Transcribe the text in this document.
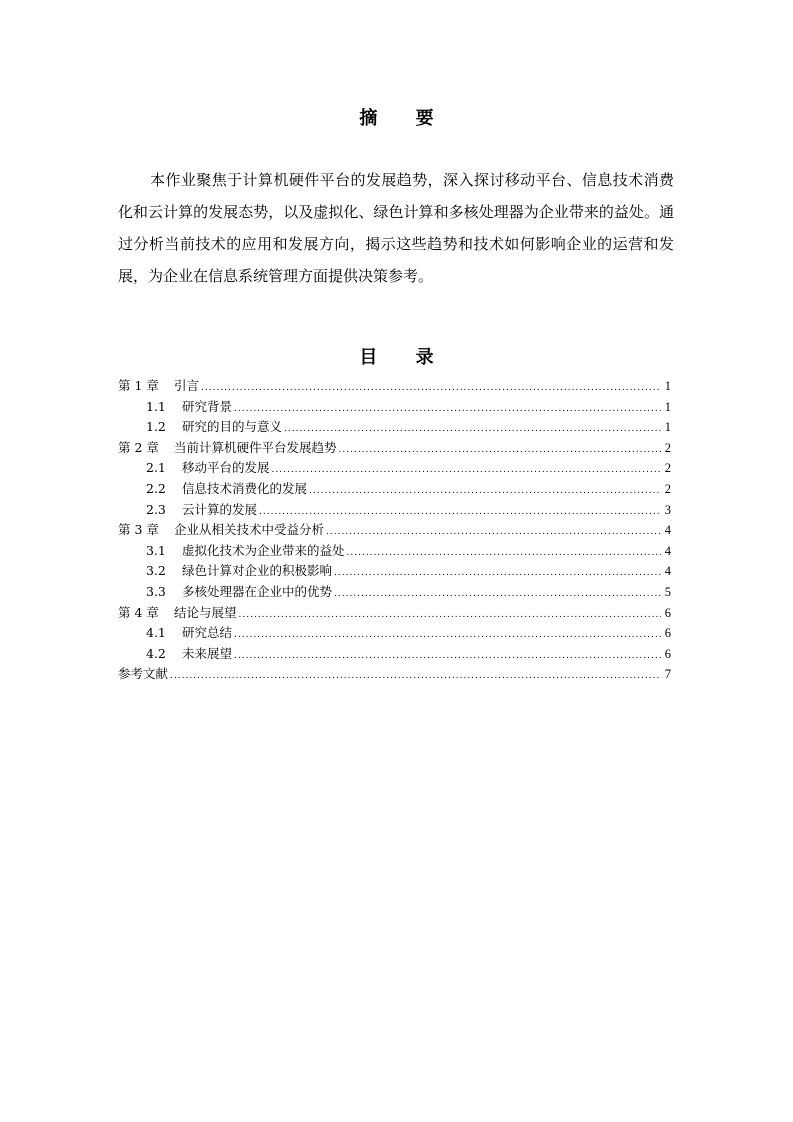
摘 要
本作业聚焦于计算机硬件平台的发展趋势，深入探讨移动平台、信息技术消费化和云计算的发展态势，以及虚拟化、绿色计算和多核处理器为企业带来的益处。通过分析当前技术的应用和发展方向，揭示这些趋势和技术如何影响企业的运营和发展，为企业在信息系统管理方面提供决策参考。
目 录
第 1 章	引言 .....	1
1.1	研究背景 .....	1
1.2	研究的目的与意义 .....	1
第 2 章	当前计算机硬件平台发展趋势 .....	2
2.1	移动平台的发展 .....	2
2.2	信息技术消费化的发展 .....	2
2.3	云计算的发展 .....	3
第 3 章	企业从相关技术中受益分析 .....	4
3.1	虚拟化技术为企业带来的益处 .....	4
3.2	绿色计算对企业的积极影响 .....	4
3.3	多核处理器在企业中的优势 .....	5
第 4 章	结论与展望 .....	6
4.1	研究总结 .....	6
4.2	未来展望 .....	6
参考文献 .....	7
